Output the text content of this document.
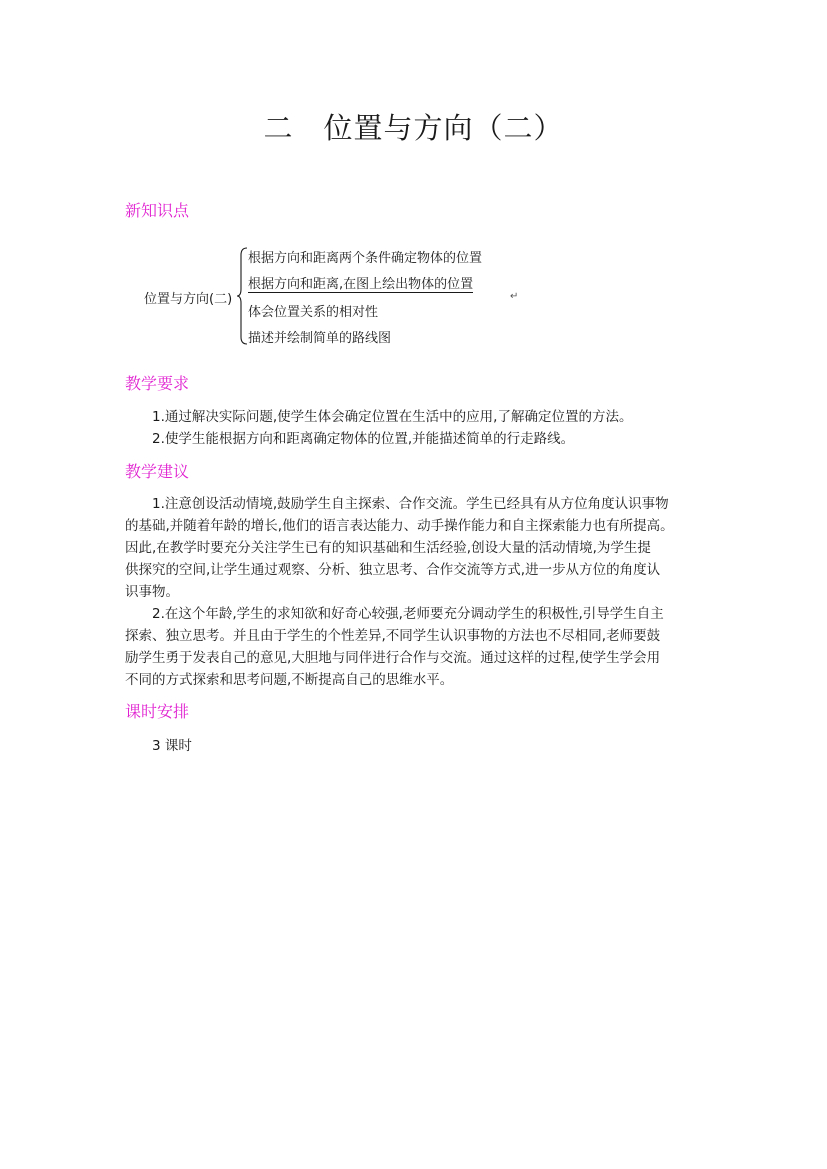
二　位置与方向（二）
新知识点
位置与方向(二)
根据方向和距离两个条件确定物体的位置
根据方向和距离,在图上绘出物体的位置
体会位置关系的相对性
描述并绘制简单的路线图
↵
教学要求
1.通过解决实际问题,使学生体会确定位置在生活中的应用,了解确定位置的方法。
2.使学生能根据方向和距离确定物体的位置,并能描述简单的行走路线。
教学建议
1.注意创设活动情境,鼓励学生自主探索、合作交流。学生已经具有从方位角度认识事物
的基础,并随着年龄的增长,他们的语言表达能力、动手操作能力和自主探索能力也有所提高。
因此,在教学时要充分关注学生已有的知识基础和生活经验,创设大量的活动情境,为学生提
供探究的空间,让学生通过观察、分析、独立思考、合作交流等方式,进一步从方位的角度认
识事物。
2.在这个年龄,学生的求知欲和好奇心较强,老师要充分调动学生的积极性,引导学生自主
探索、独立思考。并且由于学生的个性差异,不同学生认识事物的方法也不尽相同,老师要鼓
励学生勇于发表自己的意见,大胆地与同伴进行合作与交流。通过这样的过程,使学生学会用
不同的方式探索和思考问题,不断提高自己的思维水平。
课时安排
3 课时
